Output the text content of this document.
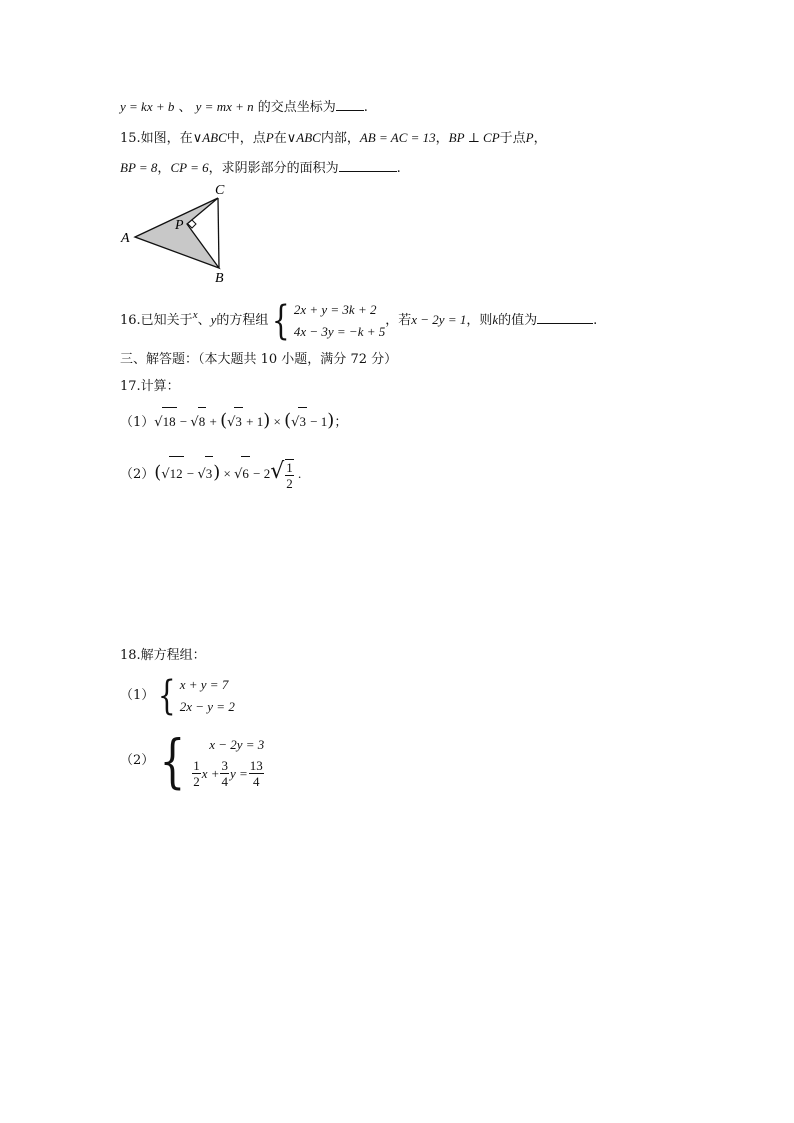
y = kx + b 、 y = mx + n 的交点坐标为 .
15.如图，在∨ABC中，点P在∨ABC内部，AB = AC = 13，BP ⊥ CP于点P，
BP = 8，CP = 6，求阴影部分的面积为	.
C
A
P
B
16.已知关于$^x$、y的方程组 { 2x + y = 3k + 2
4x − 3y = −k + 5
，若x − 2y = 1，则k的值为	.
三、解答题：（本大题共 10 小题，满分 72 分）
17.计算：
（1）√18 − √8 + (√3 + 1) × (√3 − 1)；
$(2)(√12 - √3) \times √6 - 2√ \frac{1}{2}$ .
18.解方程组：
（1） { x + y = 7
2x − y = 2
（2） {	x − 2y = 3
$\frac{1}{2}$ $x + \frac{3}{4}$ $y = \frac{13}{4}$
